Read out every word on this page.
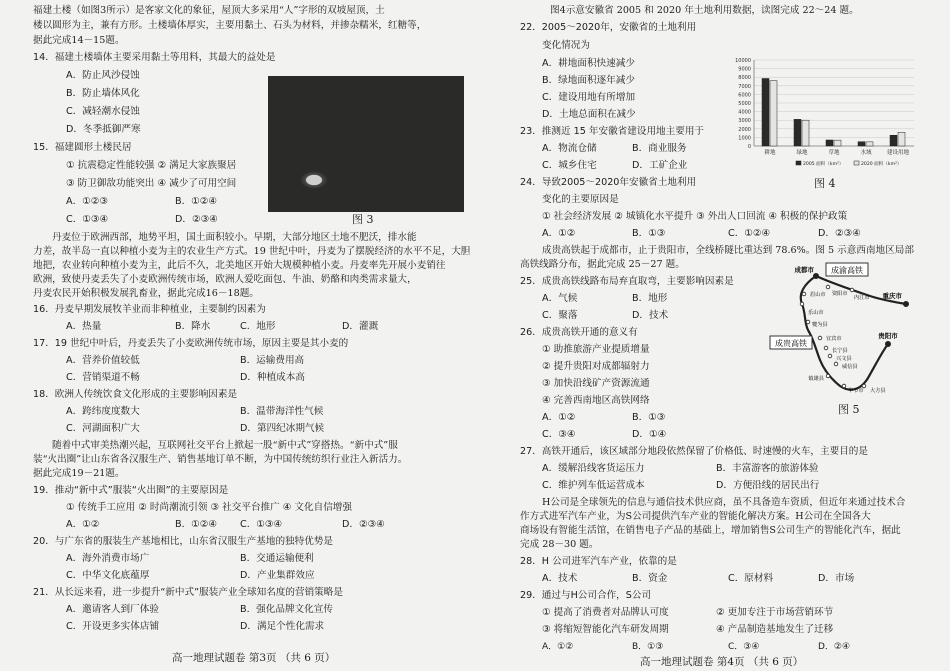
福建土楼（如图3所示）是客家文化的象征，屋顶大多采用“人”字形的双坡屋顶，土
楼以圆形为主，兼有方形。土楼墙体厚实，主要用黏土、石头为材料，并掺杂糯米，红糖等，
据此完成14－15题。
14．福建土楼墙体主要采用黏土等用料，其最大的益处是
A．防止风沙侵蚀
B．防止墙体风化
C．减轻潮水侵蚀
D．冬季抵御严寒
15．福建圆形土楼民居
① 抗震稳定性能较强 ② 满足大家族聚居
③ 防卫御敌功能突出 ④ 减少了可用空间
A．①②③	B．①②④
C．①③④	D．②③④	图 3
丹麦位于欧洲西部，地势平坦，国土面积较小。早期，大部分地区土地不肥沃，排水能
力差，故半岛一直以种植小麦为主的农业生产方式。19 世纪中叶，丹麦为了摆脱经济的水平不足，大胆
地把，农业转向种植小麦为主，此后不久，北美地区开始大规模种植小麦。丹麦率先开展小麦销往
欧洲，致使丹麦丢失了小麦欧洲传统市场，欧洲人爱吃面包、牛油、奶酪和肉类需求量大，
丹麦农民开始积极发展乳畜业，据此完成16－18题。
16．丹麦早期发展牧羊业而非种植业，主要制约因素为
A．热量	B．降水	C．地形	D．灌溉
17．19 世纪中叶后，丹麦丢失了小麦欧洲传统市场，原因主要是其小麦的
A．营养价值较低	B．运输费用高
C．营销渠道不畅	D．种植成本高
18．欧洲人传统饮食文化形成的主要影响因素是
A．跨纬度度数大	B．温带海洋性气候
C．河湖面积广大	D．第四纪冰期气候
随着中式审美热潮兴起，互联网社交平台上掀起一股“新中式”穿搭热。“新中式”服
装“火出圈”让山东省各汉服生产、销售基地订单不断，为中国传统纺织行业注入新活力。
据此完成19－21题。
19．推动“新中式”服装“火出圈”的主要原因是
① 传统手工应用 ② 时尚潮流引领 ③ 社交平台推广 ④ 文化自信增强
A．①②	B．①②④ C．①③④	D．②③④
20．与广东省的服装生产基地相比，山东省汉服生产基地的独特优势是
A．海外消费市场广	B．交通运输便利
C．中华文化底蕴厚	D．产业集群效应
21．从长远来看，进一步提升“新中式”服装产业全球知名度的营销策略是
A．邀请客人到厂体验	B．强化品牌文化宣传
C．开设更多实体店铺	D．满足个性化需求
高一地理试题卷 第3页 （共 6 页）
图4示意安徽省 2005 和 2020 年土地利用数据，读图完成 22～24 题。
22．2005～2020年，安徽省的土地利用
变化情况为
A．耕地面积快速减少
B．绿地面积逐年减少
C．建设用地有所增加
D．土地总面积在减少
23．推测近 15 年安徽省建设用地主要用于
A．物流仓储	B．商业服务
C．城乡住宅	D．工矿企业
24．导致2005～2020年安徽省土地利用
变化的主要原因是
① 社会经济发展 ② 城镇化水平提升 ③ 外出人口回流 ④ 积极的保护政策
A．①②	B．①③	C．①②④	D．②③④
成贵高铁起于成都市，止于贵阳市，全线桥隧比重达到 78.6%。图 5 示意西南地区局部
高铁线路分布，据此完成 25－27 题。
25．成贵高铁线路布局弃直取弯，主要影响因素是
A．气候	B．地形
C．聚落	D．技术
26．成贵高铁开通的意义有
① 助推旅游产业提质增量
② 提升贵阳对成都辐射力
③ 加快沿线矿产资源流通
④ 完善西南地区高铁网络
A．①②	B．①③
C．③④	D．①④
27．高铁开通后，该区域部分地段依然保留了价格低、时速慢的火车，主要目的是
A．缓解沿线客货运压力	B．丰富游客的旅游体验
C．维护列车低运营成本	D．方便沿线的居民出行
H公司是全球领先的信息与通信技术供应商，虽不具备造车资质，但近年来通过技术合
作方式进军汽车产业，为S公司提供汽车产业的智能化解决方案。H公司在全国各大
商场设有智能生活馆，在销售电子产品的基础上，增加销售S公司生产的智能化汽车，据此
完成 28－30 题。
28．H 公司进军汽车产业，依靠的是
A．技术	B．资金	C．原材料	D．市场
29．通过与H公司合作，S公司
① 提高了消费者对品牌认可度	② 更加专注于市场营销环节
③ 将缩短智能化汽车研发周期	④ 产品制造基地发生了迁移
A．①②	B．①③	C．③④	D．②④
高一地理试题卷 第4页 （共 6 页）
0
1000
2000
3000
4000
5000
6000
7000
8000
9000
10000
耕地	绿地	草地	水域	建设用地
2005 面积（km²）	2020 面积（km²）
图 4
成都市
眉山市 资阳市
内江市 重庆市
乐山市
犍为县
宜宾市
长宁县
兴文县
威信县
镇雄县
毕节市
贵阳市
大方县
成渝高铁
成贵高铁
图 5
